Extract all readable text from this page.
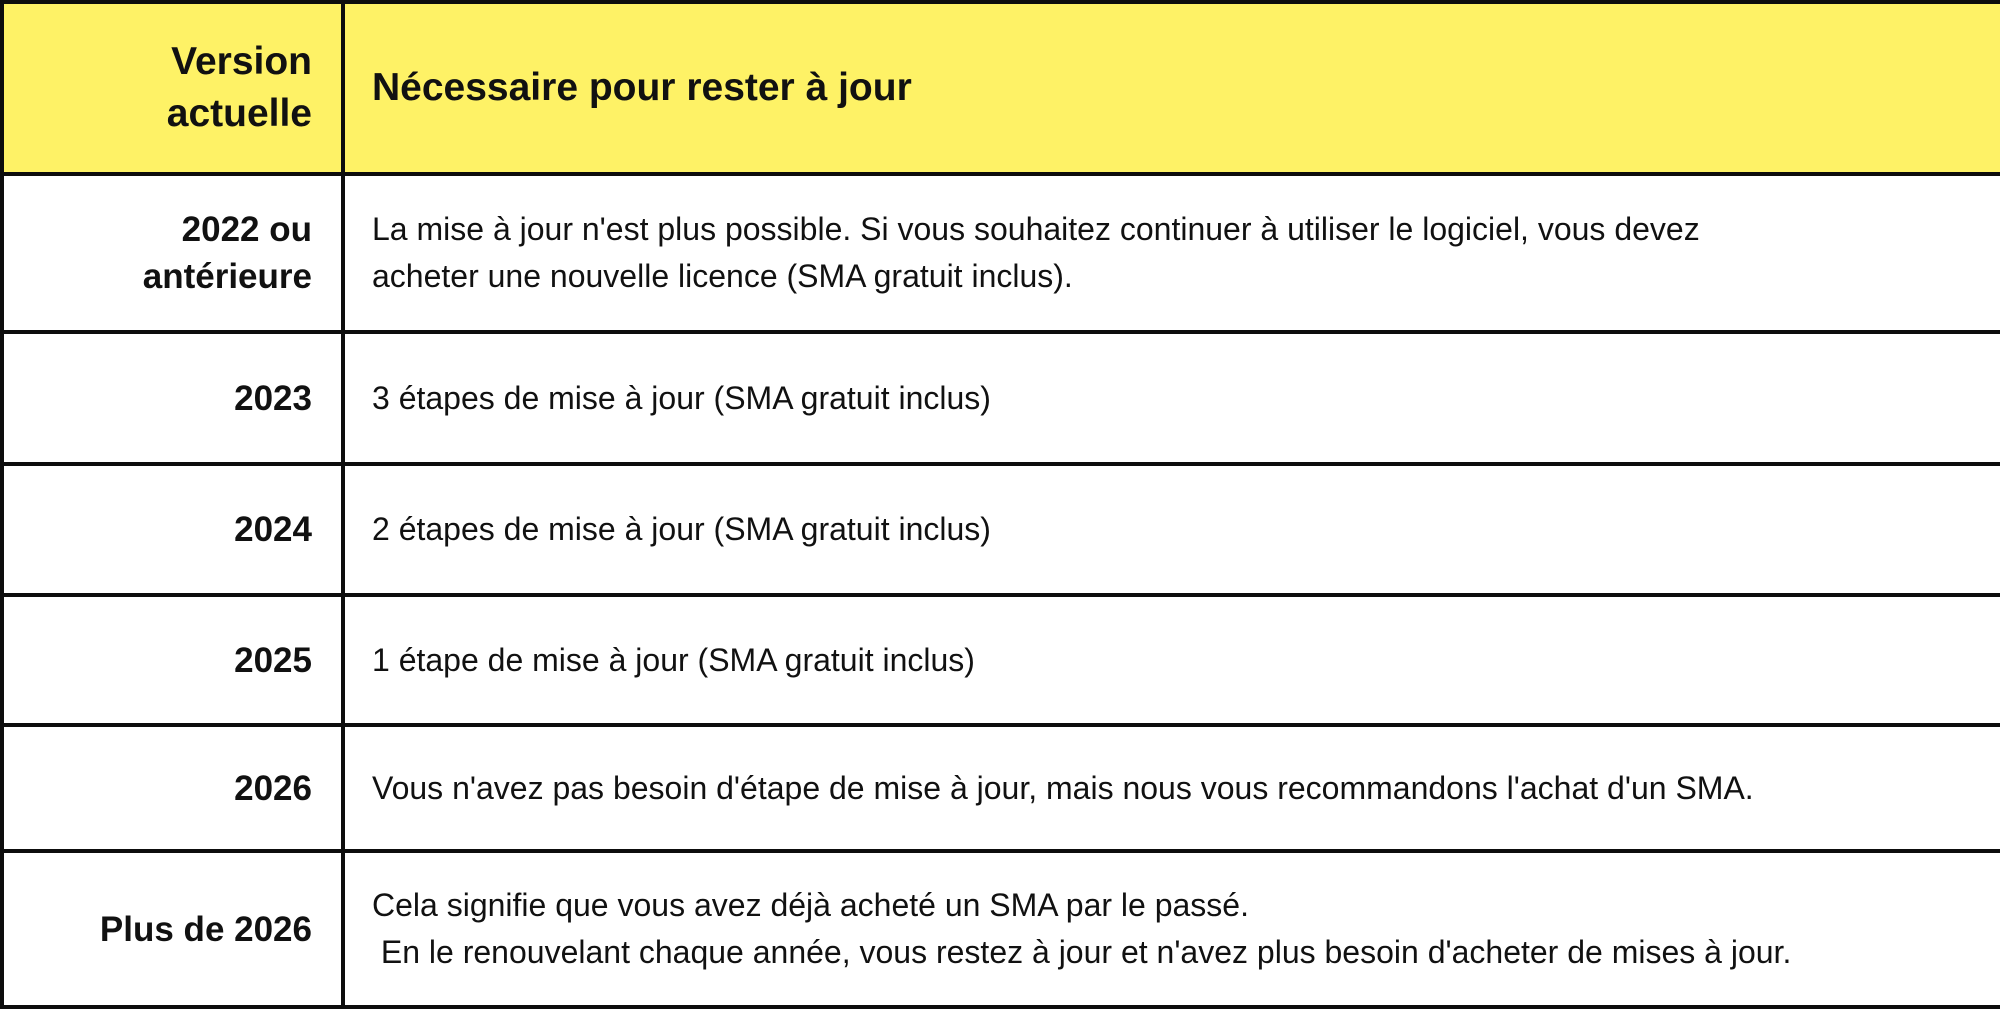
Version
actuelle	Nécessaire pour rester à jour

2022 ou
antérieure	La mise à jour n'est plus possible. Si vous souhaitez continuer à utiliser le logiciel, vous devez
acheter une nouvelle licence (SMA gratuit inclus).

2023	3 étapes de mise à jour (SMA gratuit inclus)
2024	2 étapes de mise à jour (SMA gratuit inclus)
2025	1 étape de mise à jour (SMA gratuit inclus)
2026	Vous n'avez pas besoin d'étape de mise à jour, mais nous vous recommandons l'achat d'un SMA.
Plus de 2026	Cela signifie que vous avez déjà acheté un SMA par le passé.
En le renouvelant chaque année, vous restez à jour et n'avez plus besoin d'acheter de mises à jour.
